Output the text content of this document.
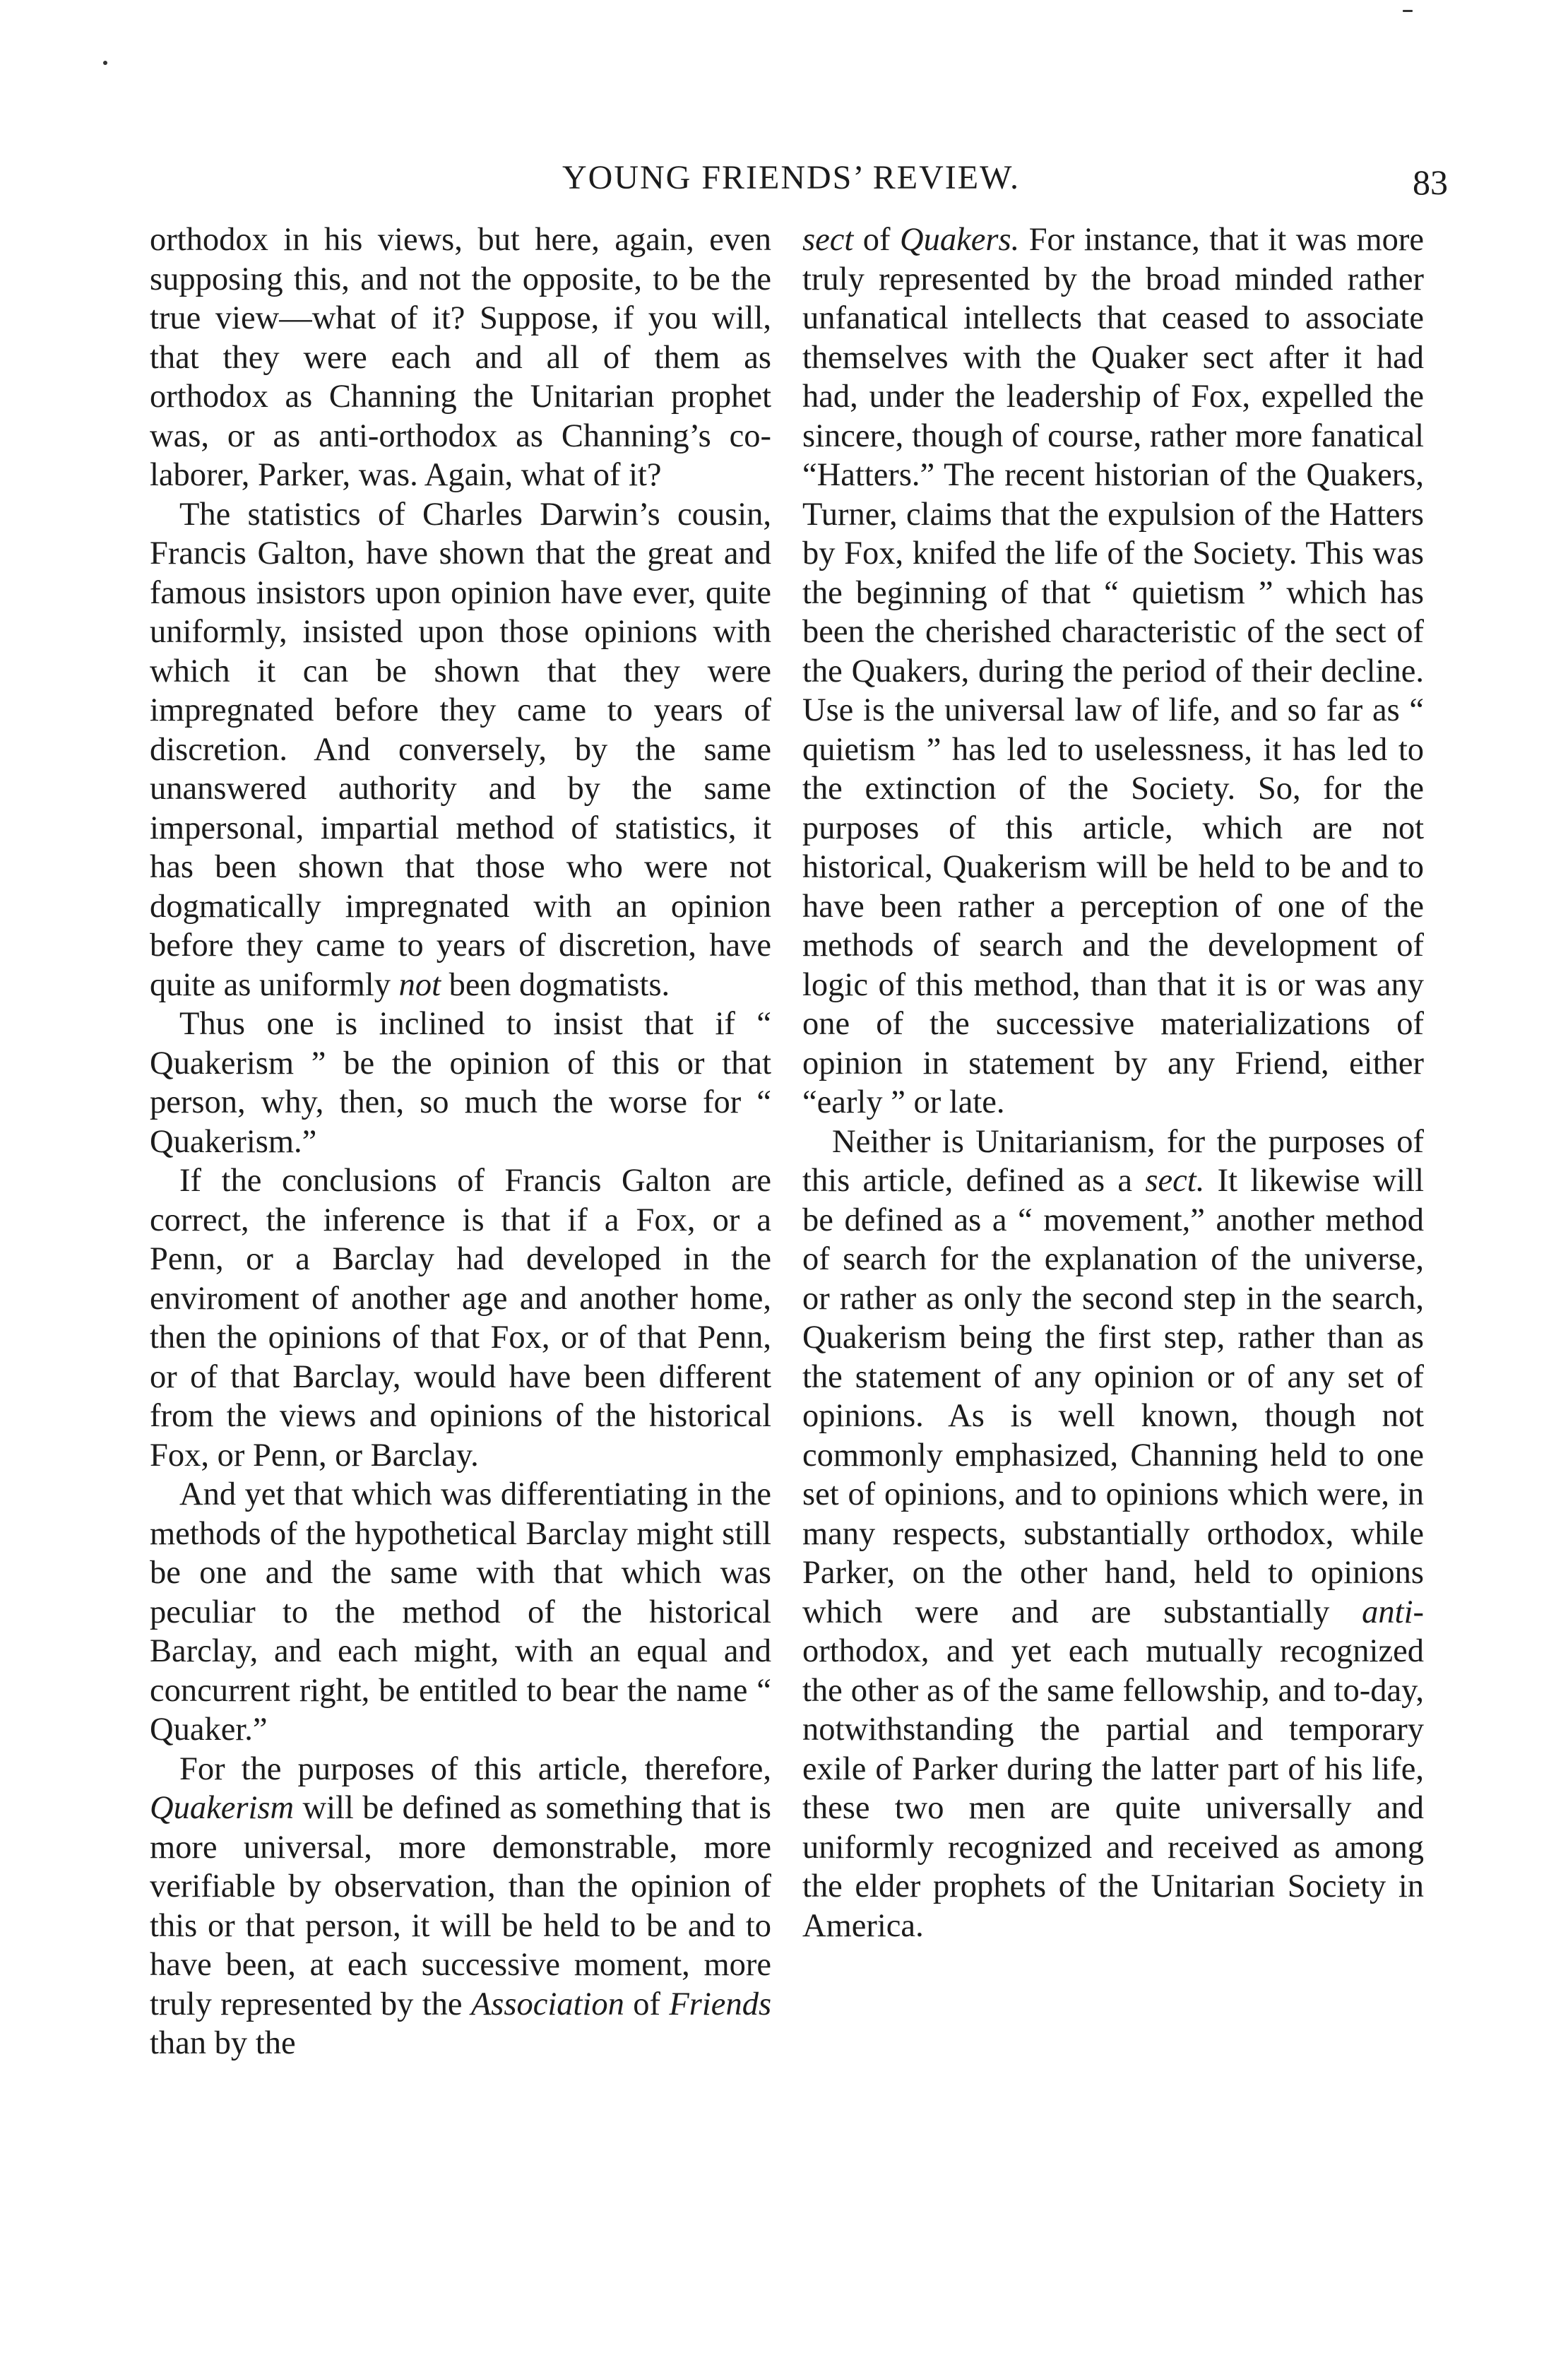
YOUNG FRIENDS’ REVIEW.	83

orthodox in his views, but here, again, even supposing this, and not the opposite, to be the true view—what of it? Suppose, if you will, that they were each and all of them as orthodox as Channing the Unitarian prophet was, or as anti-orthodox as Channing’s co-laborer, Parker, was. Again, what of it?

The statistics of Charles Darwin’s cousin, Francis Galton, have shown that the great and famous insistors upon opinion have ever, quite uniformly, insisted upon those opinions with which it can be shown that they were impregnated before they came to years of discretion. And conversely, by the same unanswered authority and by the same impersonal, impartial method of statistics, it has been shown that those who were not dogmatically impregnated with an opinion before they came to years of discretion, have quite as uniformly not been dogmatists.

Thus one is inclined to insist that if “ Quakerism ” be the opinion of this or that person, why, then, so much the worse for “ Quakerism.”

If the conclusions of Francis Galton are correct, the inference is that if a Fox, or a Penn, or a Barclay had developed in the enviroment of another age and another home, then the opinions of that Fox, or of that Penn, or of that Barclay, would have been different from the views and opinions of the historical Fox, or Penn, or Barclay.

And yet that which was differentiating in the methods of the hypothetical Barclay might still be one and the same with that which was peculiar to the method of the historical Barclay, and each might, with an equal and concurrent right, be entitled to bear the name “ Quaker.”

For the purposes of this article, therefore, Quakerism will be defined as something that is more universal, more demonstrable, more verifiable by observation, than the opinion of this or that person, it will be held to be and to have been, at each successive moment, more truly represented by the Association of Friends than by the

sect of Quakers. For instance, that it was more truly represented by the broad minded rather unfanatical intellects that ceased to associate themselves with the Quaker sect after it had had, under the leadership of Fox, expelled the sincere, though of course, rather more fanatical “Hatters.” The recent historian of the Quakers, Turner, claims that the expulsion of the Hatters by Fox, knifed the life of the Society. This was the beginning of that “ quietism ” which has been the cherished characteristic of the sect of the Quakers, during the period of their decline. Use is the universal law of life, and so far as “ quietism ” has led to uselessness, it has led to the extinction of the Society. So, for the purposes of this article, which are not historical, Quakerism will be held to be and to have been rather a perception of one of the methods of search and the development of logic of this method, than that it is or was any one of the successive materializations of opinion in statement by any Friend, either “early ” or late.

Neither is Unitarianism, for the purposes of this article, defined as a sect. It likewise will be defined as a “ movement,” another method of search for the explanation of the universe, or rather as only the second step in the search, Quakerism being the first step, rather than as the statement of any opinion or of any set of opinions. As is well known, though not commonly emphasized, Channing held to one set of opinions, and to opinions which were, in many respects, substantially orthodox, while Parker, on the other hand, held to opinions which were and are substantially anti-orthodox, and yet each mutually recognized the other as of the same fellowship, and to-day, notwithstanding the partial and temporary exile of Parker during the latter part of his life, these two men are quite universally and uniformly recognized and received as among the elder prophets of the Unitarian Society in America.
